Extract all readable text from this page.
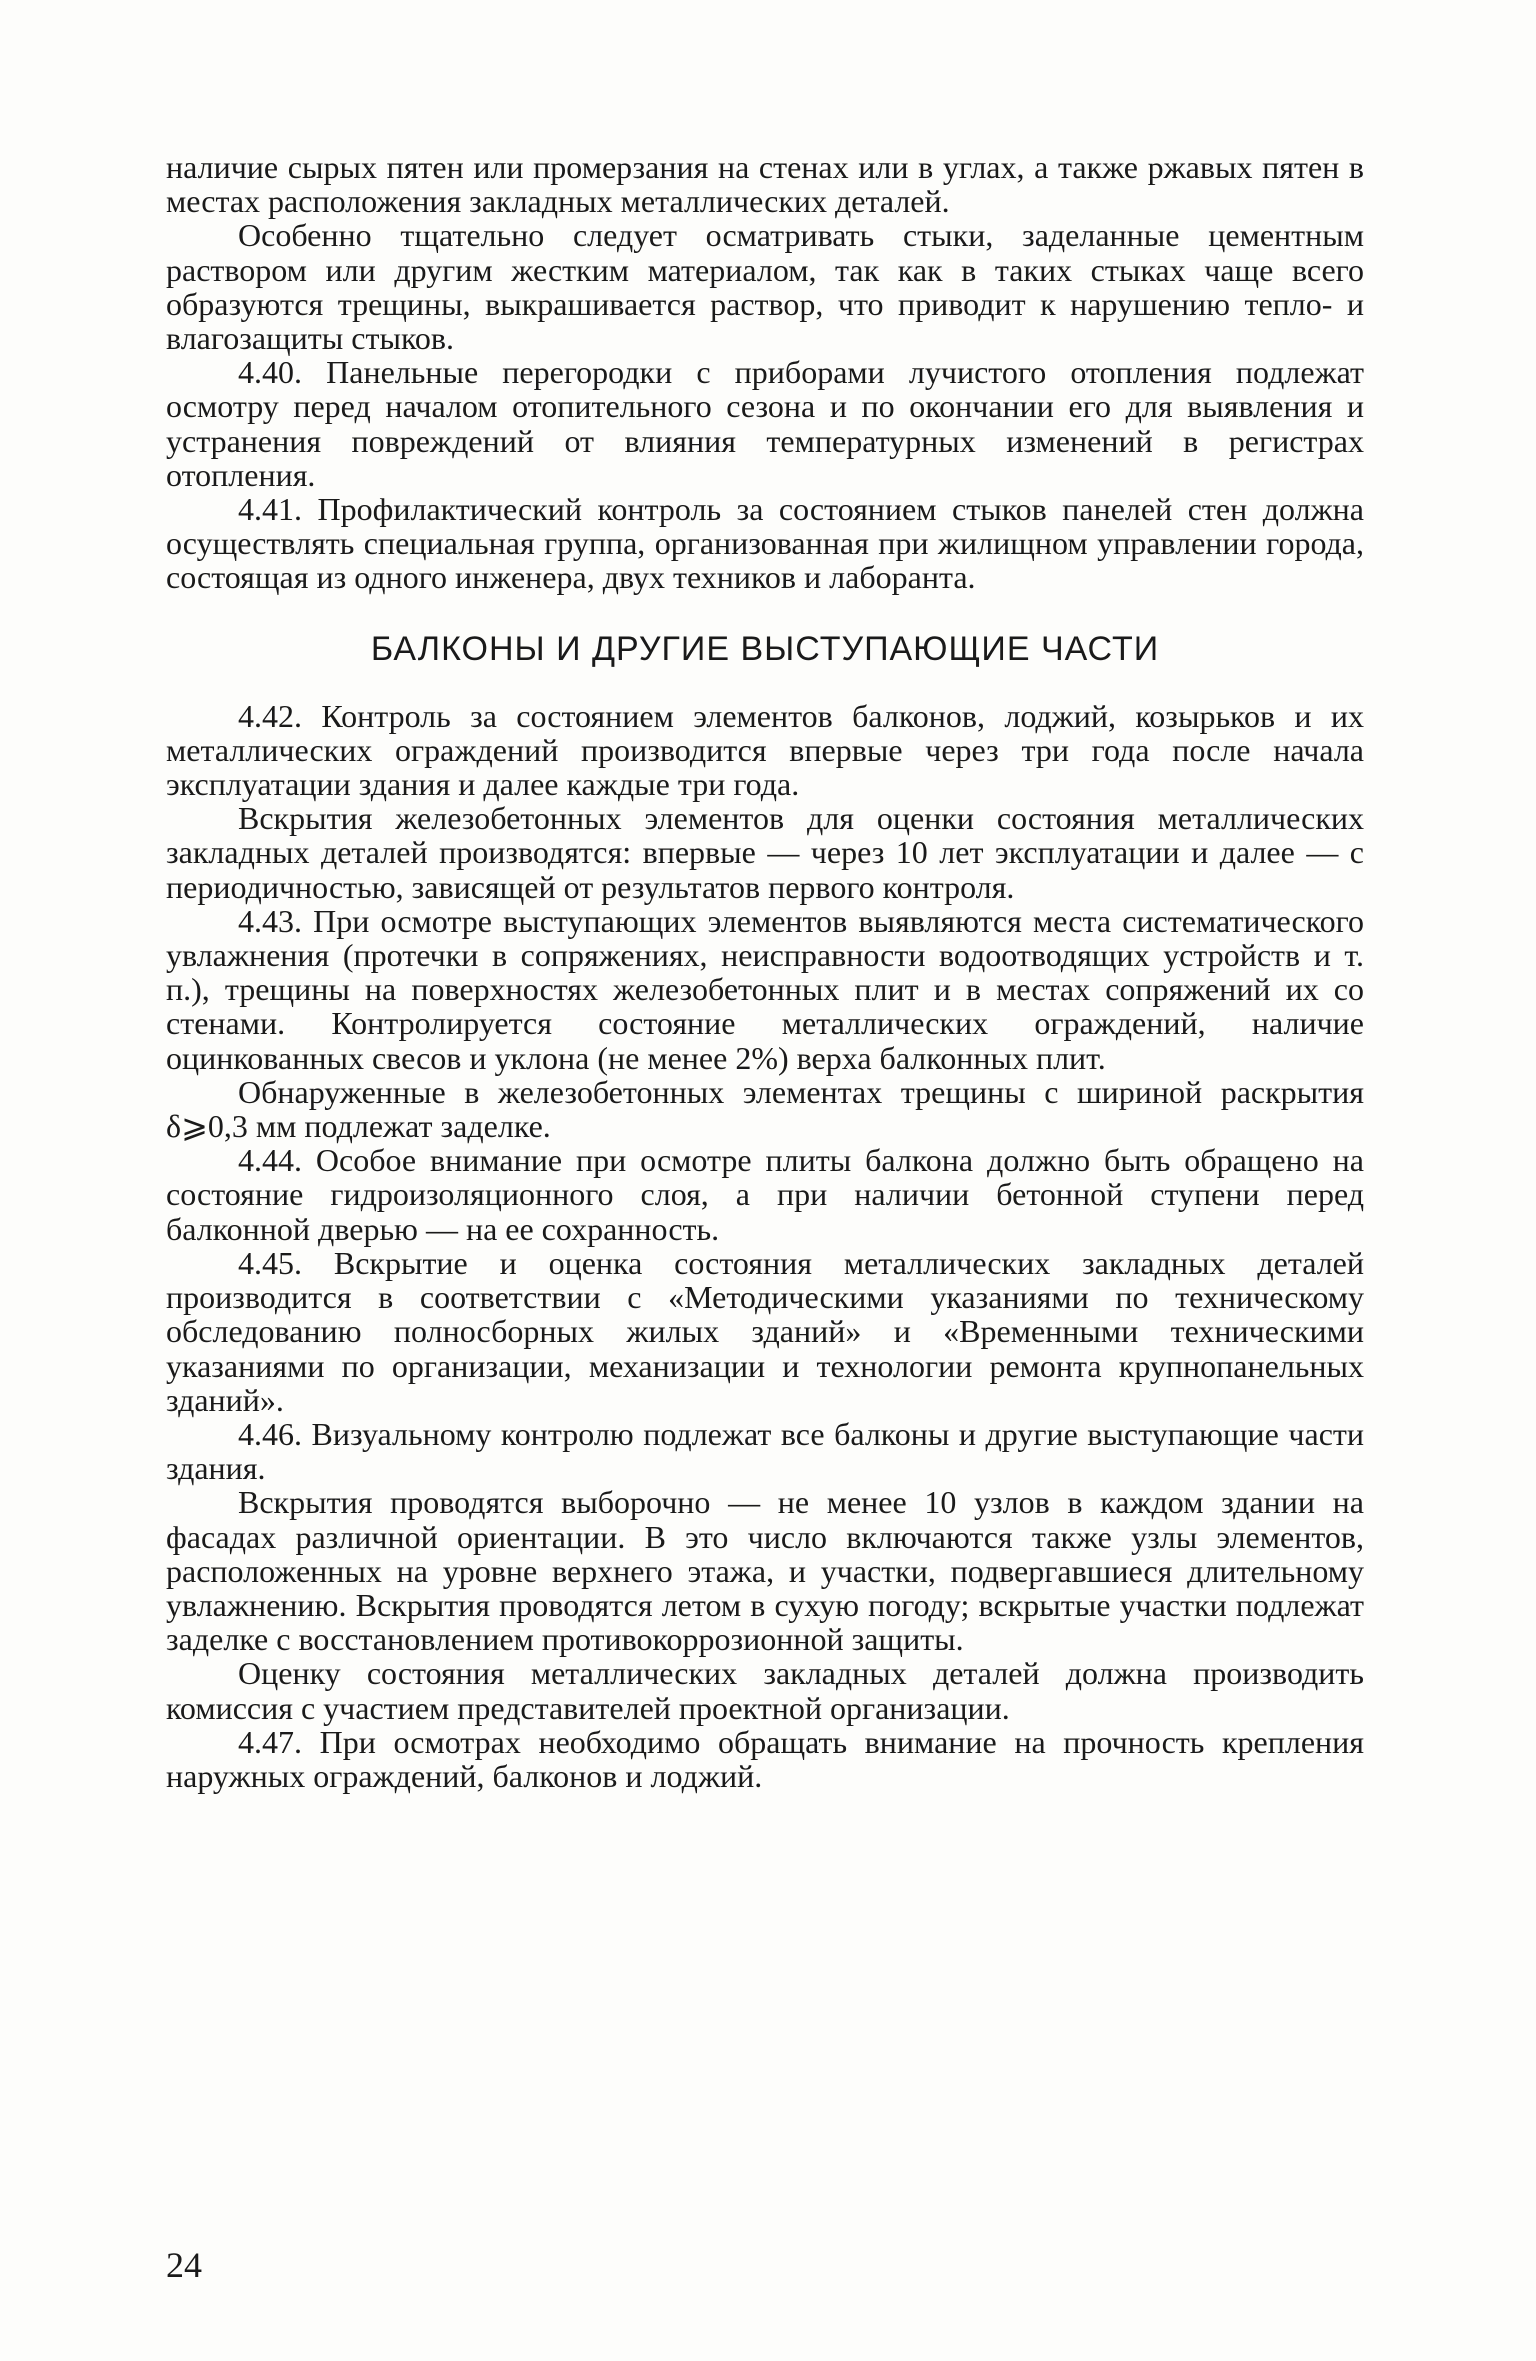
наличие сырых пятен или промерзания на стенах или в углах, а также ржавых пятен в местах расположения закладных металлических деталей.

Особенно тщательно следует осматривать стыки, заделанные цементным раствором или другим жестким материалом, так как в таких стыках чаще всего образуются трещины, выкрашивается раствор, что приводит к нарушению тепло- и влагозащиты стыков.

4.40. Панельные перегородки с приборами лучистого отопления подлежат осмотру перед началом отопительного сезона и по окончании его для выявления и устранения повреждений от влияния температурных изменений в регистрах отопления.

4.41. Профилактический контроль за состоянием стыков панелей стен должна осуществлять специальная группа, организованная при жилищном управлении города, состоящая из одного инженера, двух техников и лаборанта.

БАЛКОНЫ И ДРУГИЕ ВЫСТУПАЮЩИЕ ЧАСТИ

4.42. Контроль за состоянием элементов балконов, лоджий, козырьков и их металлических ограждений производится впервые через три года после начала эксплуатации здания и далее каждые три года.

Вскрытия железобетонных элементов для оценки состояния металлических закладных деталей производятся: впервые — через 10 лет эксплуатации и далее — с периодичностью, зависящей от результатов первого контроля.

4.43. При осмотре выступающих элементов выявляются места систематического увлажнения (протечки в сопряжениях, неисправности водоотводящих устройств и т. п.), трещины на поверхностях железобетонных плит и в местах сопряжений их со стенами. Контролируется состояние металлических ограждений, наличие оцинкованных свесов и уклона (не менее 2%) верха балконных плит.

Обнаруженные в железобетонных элементах трещины с шириной раскрытия δ⩾0,3 мм подлежат заделке.

4.44. Особое внимание при осмотре плиты балкона должно быть обращено на состояние гидроизоляционного слоя, а при наличии бетонной ступени перед балконной дверью — на ее сохранность.

4.45. Вскрытие и оценка состояния металлических закладных деталей производится в соответствии с «Методическими указаниями по техническому обследованию полносборных жилых зданий» и «Временными техническими указаниями по организации, механизации и технологии ремонта крупнопанельных зданий».

4.46. Визуальному контролю подлежат все балконы и другие выступающие части здания.

Вскрытия проводятся выборочно — не менее 10 узлов в каждом здании на фасадах различной ориентации. В это число включаются также узлы элементов, расположенных на уровне верхнего этажа, и участки, подвергавшиеся длительному увлажнению. Вскрытия проводятся летом в сухую погоду; вскрытые участки подлежат заделке с восстановлением противокоррозионной защиты.

Оценку состояния металлических закладных деталей должна производить комиссия с участием представителей проектной организации.

4.47. При осмотрах необходимо обращать внимание на прочность крепления наружных ограждений, балконов и лоджий.

24
